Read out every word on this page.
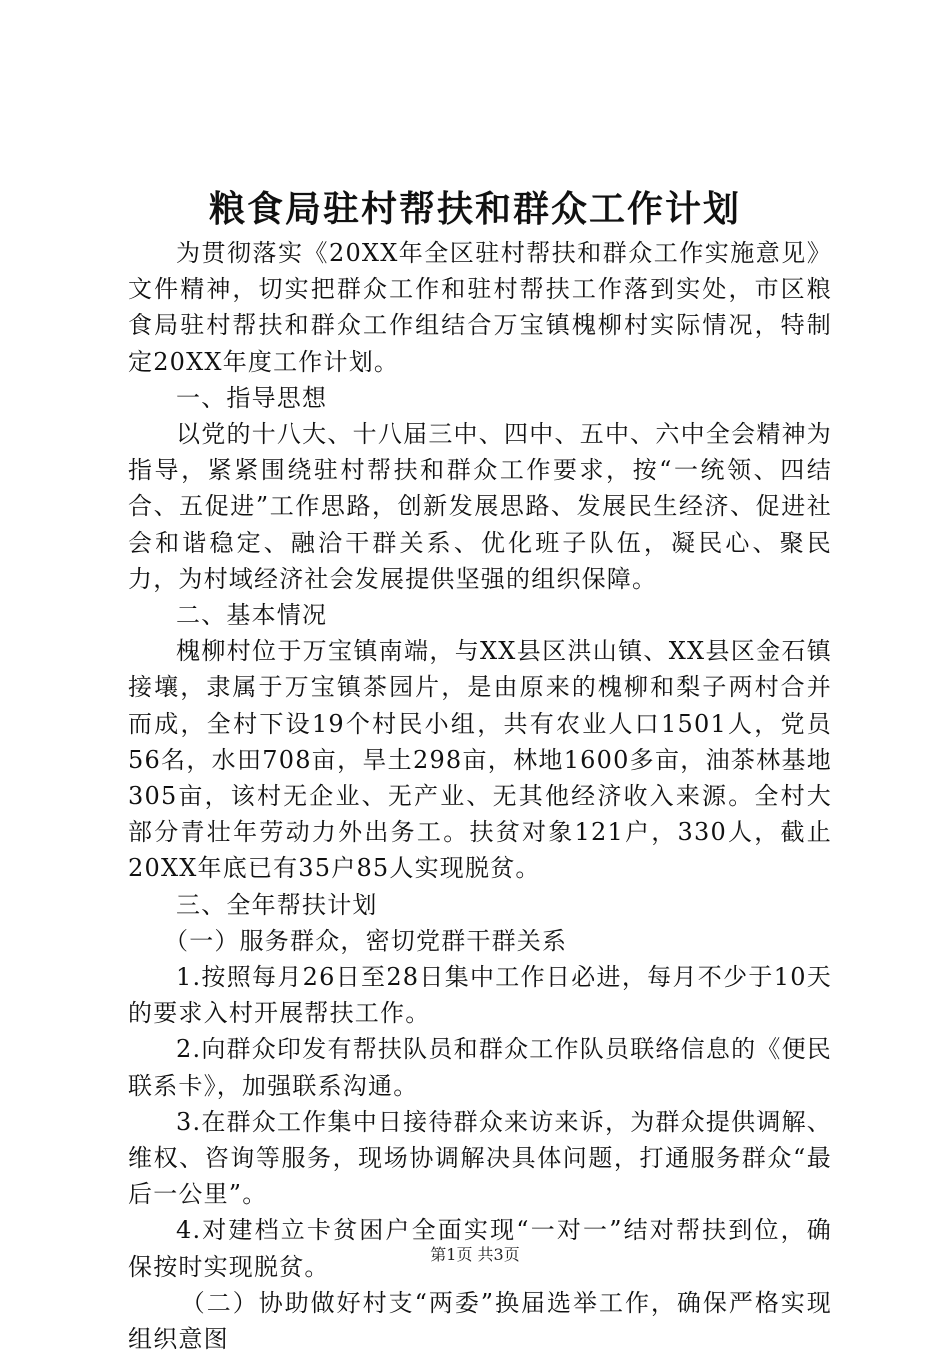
粮食局驻村帮扶和群众工作计划

为贯彻落实《20XX年全区驻村帮扶和群众工作实施意见》文件精神，切实把群众工作和驻村帮扶工作落到实处，市区粮食局驻村帮扶和群众工作组结合万宝镇槐柳村实际情况，特制定20XX年度工作计划。

一、指导思想

以党的十八大、十八届三中、四中、五中、六中全会精神为指导，紧紧围绕驻村帮扶和群众工作要求，按“一统领、四结合、五促进”工作思路，创新发展思路、发展民生经济、促进社会和谐稳定、融洽干群关系、优化班子队伍，凝民心、聚民力，为村域经济社会发展提供坚强的组织保障。

二、基本情况

槐柳村位于万宝镇南端，与XX县区洪山镇、XX县区金石镇接壤，隶属于万宝镇茶园片，是由原来的槐柳和梨子两村合并而成，全村下设19个村民小组，共有农业人口1501人，党员56名，水田708亩，旱土298亩，林地1600多亩，油茶林基地305亩，该村无企业、无产业、无其他经济收入来源。全村大部分青壮年劳动力外出务工。扶贫对象121户，330人，截止20XX年底已有35户85人实现脱贫。

三、全年帮扶计划

（一）服务群众，密切党群干群关系

1.按照每月26日至28日集中工作日必进，每月不少于10天的要求入村开展帮扶工作。

2.向群众印发有帮扶队员和群众工作队员联络信息的《便民联系卡》，加强联系沟通。

3.在群众工作集中日接待群众来访来诉，为群众提供调解、维权、咨询等服务，现场协调解决具体问题，打通服务群众“最后一公里”。

4.对建档立卡贫困户全面实现“一对一”结对帮扶到位，确保按时实现脱贫。

（二）协助做好村支“两委”换届选举工作，确保严格实现组织意图

第1页 共3页
